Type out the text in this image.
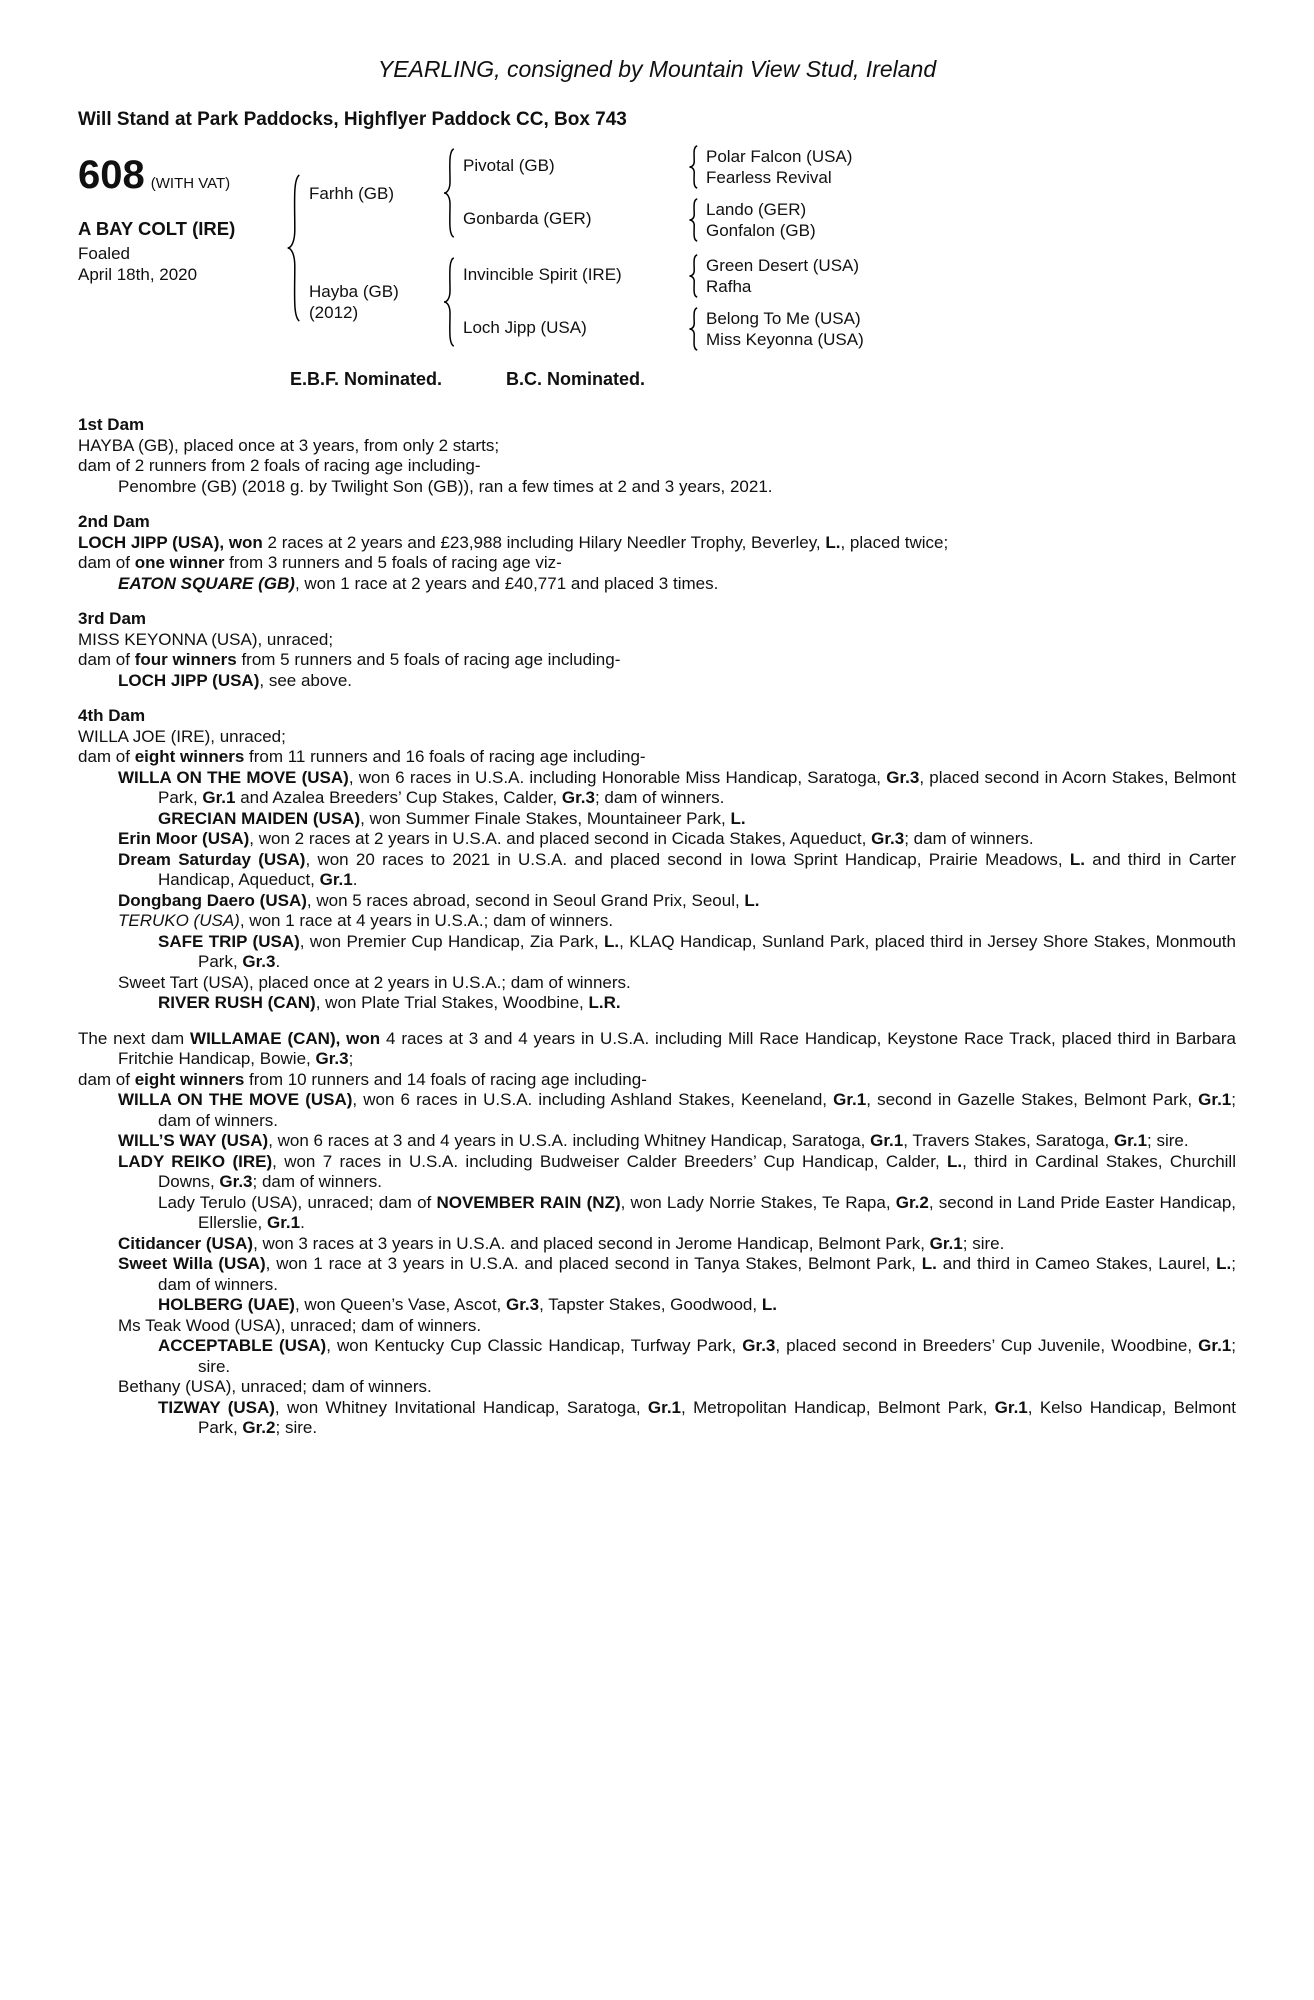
YEARLING, consigned by Mountain View Stud, Ireland
Will Stand at Park Paddocks, Highflyer Paddock CC, Box 743
608 (WITH VAT)
A BAY COLT (IRE)
Foaled
April 18th, 2020
Farhh (GB)
Pivotal (GB)
Polar Falcon (USA)
Fearless Revival
Gonbarda (GER)
Lando (GER)
Gonfalon (GB)
Hayba (GB)
(2012)
Invincible Spirit (IRE)
Green Desert (USA)
Rafha
Loch Jipp (USA)
Belong To Me (USA)
Miss Keyonna (USA)
E.B.F. Nominated.	B.C. Nominated.
1st Dam

HAYBA (GB), placed once at 3 years, from only 2 starts;

dam of 2 runners from 2 foals of racing age including-

Penombre (GB) (2018 g. by Twilight Son (GB)), ran a few times at 2 and 3 years, 2021.

2nd Dam

LOCH JIPP (USA), won 2 races at 2 years and £23,988 including Hilary Needler Trophy, Beverley, L., placed twice;

dam of one winner from 3 runners and 5 foals of racing age viz-

EATON SQUARE (GB), won 1 race at 2 years and £40,771 and placed 3 times.

3rd Dam

MISS KEYONNA (USA), unraced;

dam of four winners from 5 runners and 5 foals of racing age including-

LOCH JIPP (USA), see above.

4th Dam

WILLA JOE (IRE), unraced;

dam of eight winners from 11 runners and 16 foals of racing age including-

WILLA ON THE MOVE (USA), won 6 races in U.S.A. including Honorable Miss Handicap, Saratoga, Gr.3, placed second in Acorn Stakes, Belmont Park, Gr.1 and Azalea Breeders’ Cup Stakes, Calder, Gr.3; dam of winners.

GRECIAN MAIDEN (USA), won Summer Finale Stakes, Mountaineer Park, L.

Erin Moor (USA), won 2 races at 2 years in U.S.A. and placed second in Cicada Stakes, Aqueduct, Gr.3; dam of winners.

Dream Saturday (USA), won 20 races to 2021 in U.S.A. and placed second in Iowa Sprint Handicap, Prairie Meadows, L. and third in Carter Handicap, Aqueduct, Gr.1.

Dongbang Daero (USA), won 5 races abroad, second in Seoul Grand Prix, Seoul, L.

TERUKO (USA), won 1 race at 4 years in U.S.A.; dam of winners.

SAFE TRIP (USA), won Premier Cup Handicap, Zia Park, L., KLAQ Handicap, Sunland Park, placed third in Jersey Shore Stakes, Monmouth Park, Gr.3.

Sweet Tart (USA), placed once at 2 years in U.S.A.; dam of winners.

RIVER RUSH (CAN), won Plate Trial Stakes, Woodbine, L.R.

The next dam WILLAMAE (CAN), won 4 races at 3 and 4 years in U.S.A. including Mill Race Handicap, Keystone Race Track, placed third in Barbara Fritchie Handicap, Bowie, Gr.3;

dam of eight winners from 10 runners and 14 foals of racing age including-

WILLA ON THE MOVE (USA), won 6 races in U.S.A. including Ashland Stakes, Keeneland, Gr.1, second in Gazelle Stakes, Belmont Park, Gr.1; dam of winners.

WILL’S WAY (USA), won 6 races at 3 and 4 years in U.S.A. including Whitney Handicap, Saratoga, Gr.1, Travers Stakes, Saratoga, Gr.1; sire.

LADY REIKO (IRE), won 7 races in U.S.A. including Budweiser Calder Breeders’ Cup Handicap, Calder, L., third in Cardinal Stakes, Churchill Downs, Gr.3; dam of winners.

Lady Terulo (USA), unraced; dam of NOVEMBER RAIN (NZ), won Lady Norrie Stakes, Te Rapa, Gr.2, second in Land Pride Easter Handicap, Ellerslie, Gr.1.

Citidancer (USA), won 3 races at 3 years in U.S.A. and placed second in Jerome Handicap, Belmont Park, Gr.1; sire.

Sweet Willa (USA), won 1 race at 3 years in U.S.A. and placed second in Tanya Stakes, Belmont Park, L. and third in Cameo Stakes, Laurel, L.; dam of winners.

HOLBERG (UAE), won Queen’s Vase, Ascot, Gr.3, Tapster Stakes, Goodwood, L.

Ms Teak Wood (USA), unraced; dam of winners.

ACCEPTABLE (USA), won Kentucky Cup Classic Handicap, Turfway Park, Gr.3, placed second in Breeders’ Cup Juvenile, Woodbine, Gr.1; sire.

Bethany (USA), unraced; dam of winners.

TIZWAY (USA), won Whitney Invitational Handicap, Saratoga, Gr.1, Metropolitan Handicap, Belmont Park, Gr.1, Kelso Handicap, Belmont Park, Gr.2; sire.
